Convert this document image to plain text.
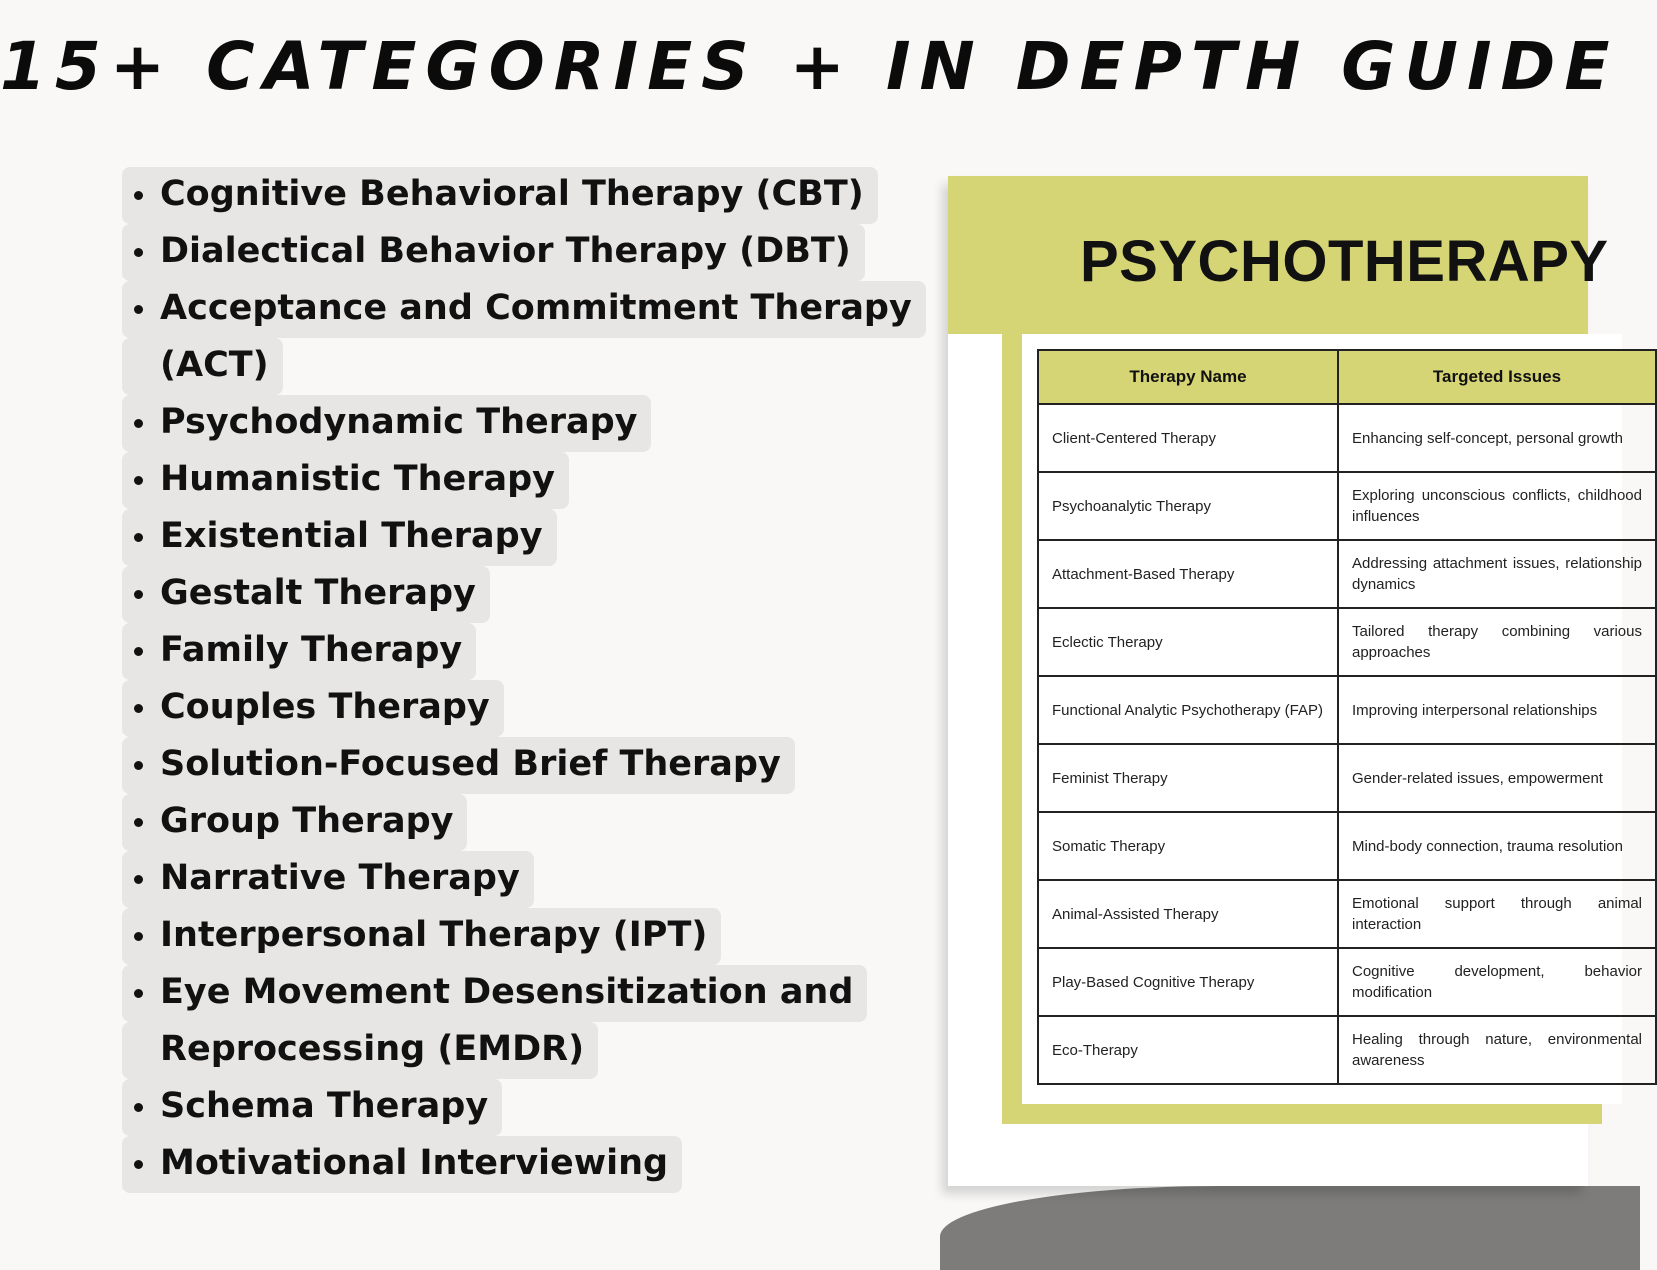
15+ CATEGORIES + IN DEPTH GUIDE
Cognitive Behavioral Therapy (CBT)
Dialectical Behavior Therapy (DBT)
Acceptance and Commitment Therapy
(ACT)
Psychodynamic Therapy
Humanistic Therapy
Existential Therapy
Gestalt Therapy
Family Therapy
Couples Therapy
Solution-Focused Brief Therapy
Group Therapy
Narrative Therapy
Interpersonal Therapy (IPT)
Eye Movement Desensitization and
Reprocessing (EMDR)
Schema Therapy
Motivational Interviewing
PSYCHOTHERAPY
Therapy Name	Targeted Issues
Client-Centered Therapy	Enhancing self-concept, personal growth
Psychoanalytic Therapy	Exploring unconscious conflicts, childhood influences
Attachment-Based Therapy	Addressing attachment issues, relationship dynamics
Eclectic Therapy	Tailored therapy combining various approaches
Functional Analytic Psychotherapy (FAP)	Improving interpersonal relationships
Feminist Therapy	Gender-related issues, empowerment
Somatic Therapy	Mind-body connection, trauma resolution
Animal-Assisted Therapy	Emotional support through animal interaction
Play-Based Cognitive Therapy	Cognitive development, behavior modification
Eco-Therapy	Healing through nature, environmental awareness
